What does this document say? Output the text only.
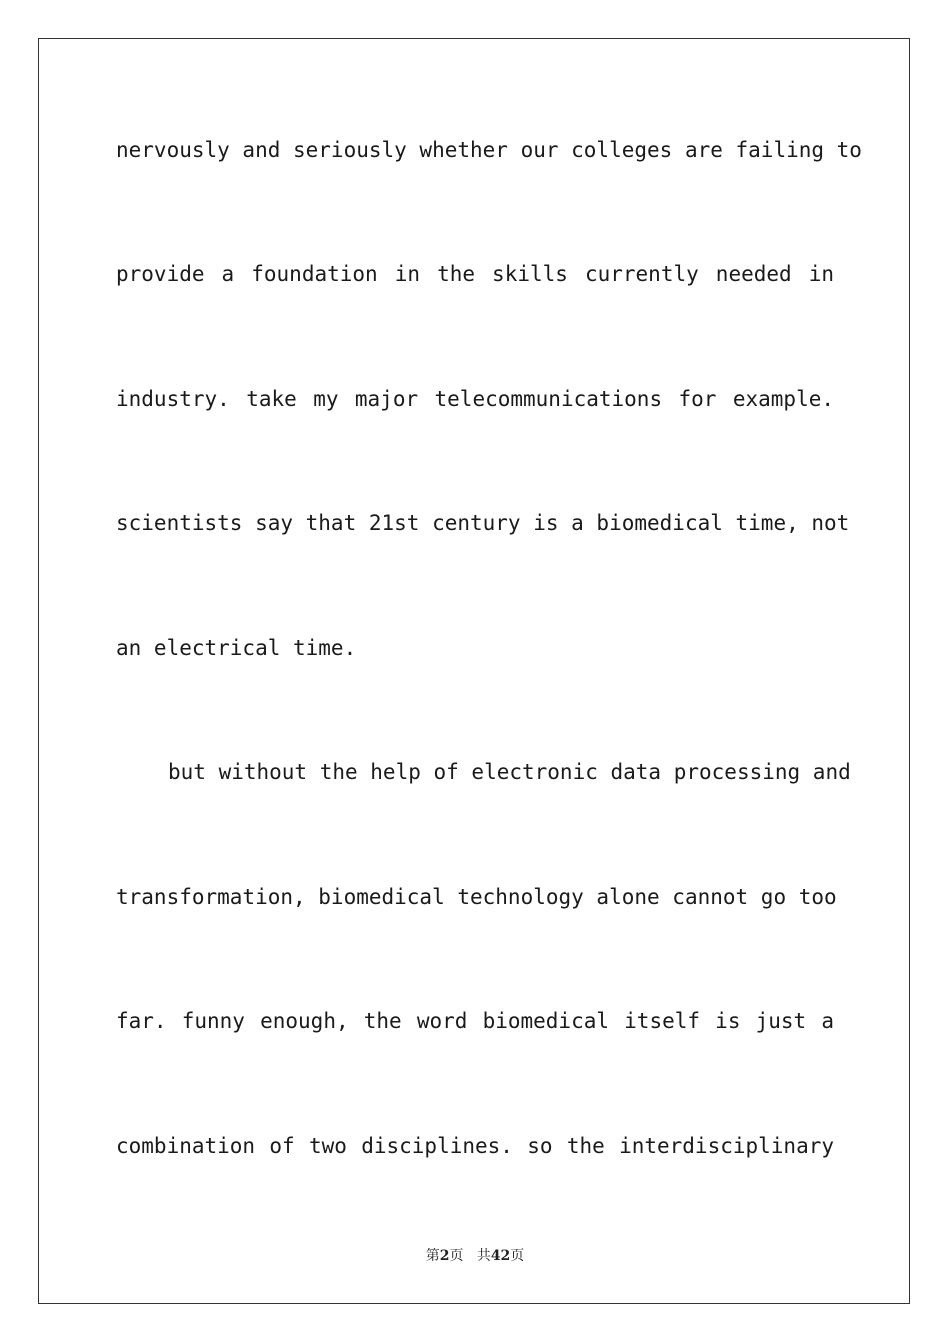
nervously and seriously whether our colleges are failing to
provide a foundation in the skills currently needed in
industry. take my major telecommunications for example.
scientists say that 21st century is a biomedical time, not
an electrical time.
but without the help of electronic data processing and
transformation, biomedical technology alone cannot go too
far. funny enough, the word biomedical itself is just a
combination of two disciplines. so the interdisciplinary
第2页 共42页
